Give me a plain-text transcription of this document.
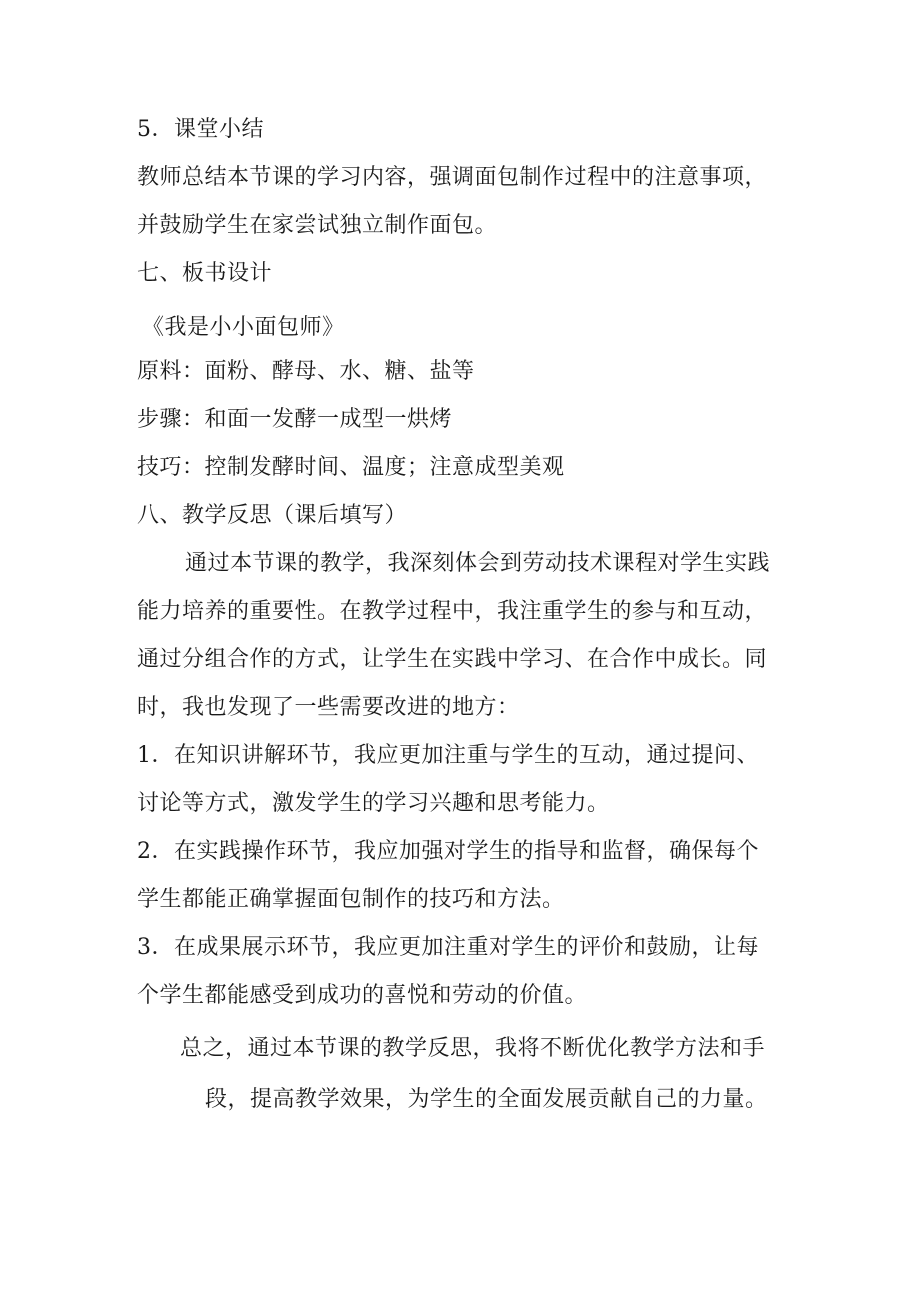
5．课堂小结
教师总结本节课的学习内容，强调面包制作过程中的注意事项，
并鼓励学生在家尝试独立制作面包。
七、板书设计
《我是小小面包师》
原料：面粉、酵母、水、糖、盐等
步骤：和面一发酵一成型一烘烤
技巧：控制发酵时间、温度；注意成型美观
八、教学反思（课后填写）
通过本节课的教学，我深刻体会到劳动技术课程对学生实践
能力培养的重要性。在教学过程中，我注重学生的参与和互动，
通过分组合作的方式，让学生在实践中学习、在合作中成长。同
时，我也发现了一些需要改进的地方：
1．在知识讲解环节，我应更加注重与学生的互动，通过提问、
讨论等方式，激发学生的学习兴趣和思考能力。
2．在实践操作环节，我应加强对学生的指导和监督，确保每个
学生都能正确掌握面包制作的技巧和方法。
3．在成果展示环节，我应更加注重对学生的评价和鼓励，让每
个学生都能感受到成功的喜悦和劳动的价值。
总之，通过本节课的教学反思，我将不断优化教学方法和手
段，提高教学效果，为学生的全面发展贡献自己的力量。
